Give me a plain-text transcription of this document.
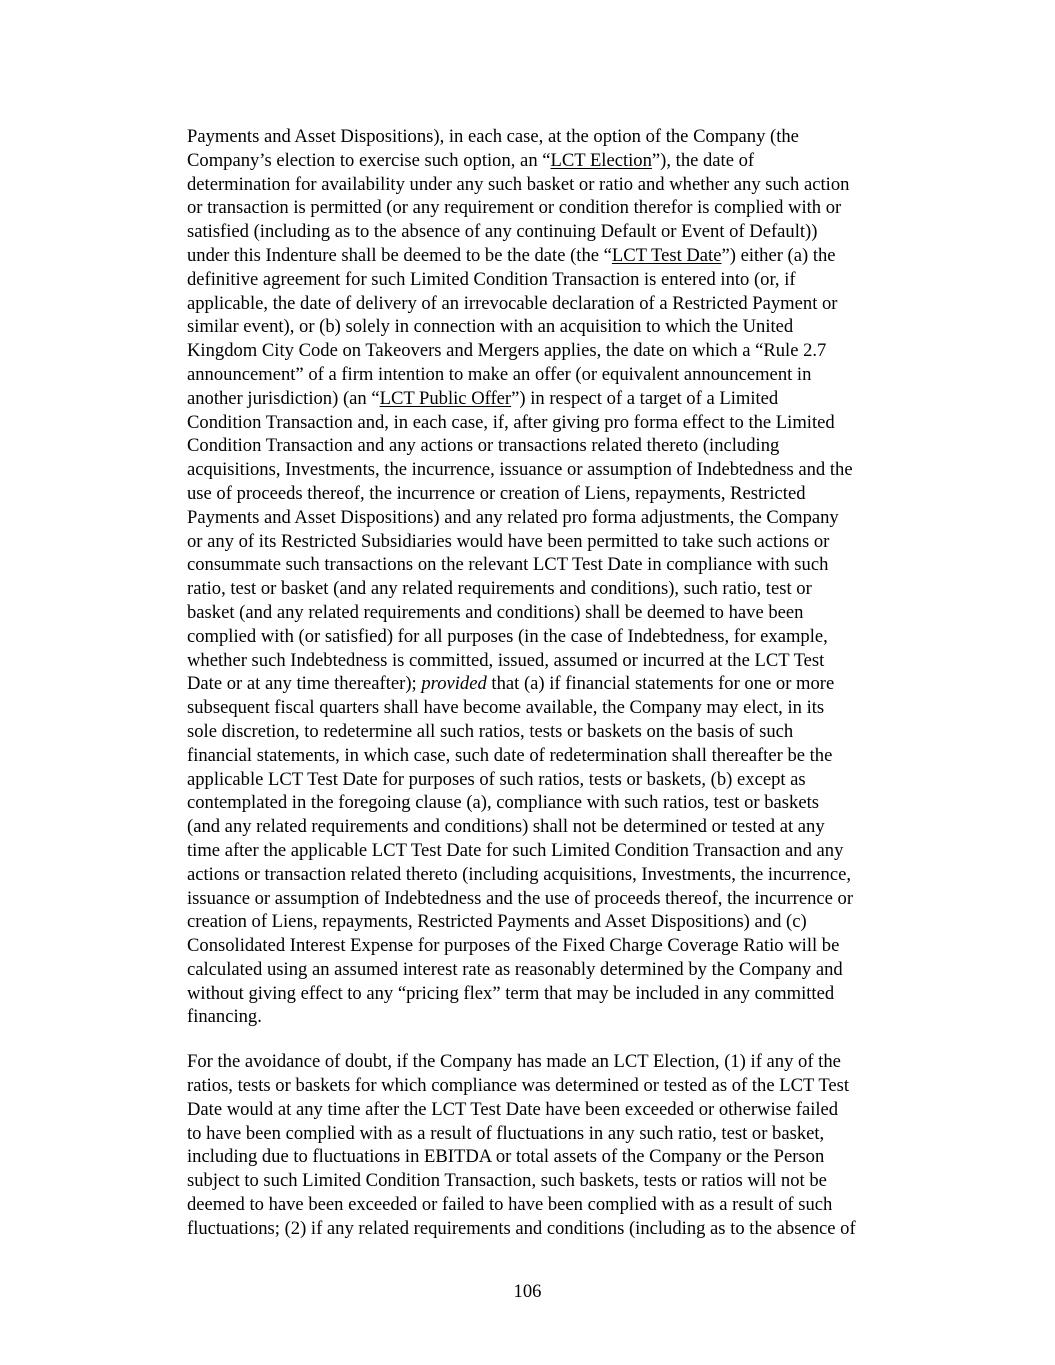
Payments and Asset Dispositions), in each case, at the option of the Company (the
Company’s election to exercise such option, an “LCT Election”), the date of
determination for availability under any such basket or ratio and whether any such action
or transaction is permitted (or any requirement or condition therefor is complied with or
satisfied (including as to the absence of any continuing Default or Event of Default))
under this Indenture shall be deemed to be the date (the “LCT Test Date”) either (a) the
definitive agreement for such Limited Condition Transaction is entered into (or, if
applicable, the date of delivery of an irrevocable declaration of a Restricted Payment or
similar event), or (b) solely in connection with an acquisition to which the United
Kingdom City Code on Takeovers and Mergers applies, the date on which a “Rule 2.7
announcement” of a firm intention to make an offer (or equivalent announcement in
another jurisdiction) (an “LCT Public Offer”) in respect of a target of a Limited
Condition Transaction and, in each case, if, after giving pro forma effect to the Limited
Condition Transaction and any actions or transactions related thereto (including
acquisitions, Investments, the incurrence, issuance or assumption of Indebtedness and the
use of proceeds thereof, the incurrence or creation of Liens, repayments, Restricted
Payments and Asset Dispositions) and any related pro forma adjustments, the Company
or any of its Restricted Subsidiaries would have been permitted to take such actions or
consummate such transactions on the relevant LCT Test Date in compliance with such
ratio, test or basket (and any related requirements and conditions), such ratio, test or
basket (and any related requirements and conditions) shall be deemed to have been
complied with (or satisfied) for all purposes (in the case of Indebtedness, for example,
whether such Indebtedness is committed, issued, assumed or incurred at the LCT Test
Date or at any time thereafter); provided that (a) if financial statements for one or more
subsequent fiscal quarters shall have become available, the Company may elect, in its
sole discretion, to redetermine all such ratios, tests or baskets on the basis of such
financial statements, in which case, such date of redetermination shall thereafter be the
applicable LCT Test Date for purposes of such ratios, tests or baskets, (b) except as
contemplated in the foregoing clause (a), compliance with such ratios, test or baskets
(and any related requirements and conditions) shall not be determined or tested at any
time after the applicable LCT Test Date for such Limited Condition Transaction and any
actions or transaction related thereto (including acquisitions, Investments, the incurrence,
issuance or assumption of Indebtedness and the use of proceeds thereof, the incurrence or
creation of Liens, repayments, Restricted Payments and Asset Dispositions) and (c)
Consolidated Interest Expense for purposes of the Fixed Charge Coverage Ratio will be
calculated using an assumed interest rate as reasonably determined by the Company and
without giving effect to any “pricing flex” term that may be included in any committed
financing.
For the avoidance of doubt, if the Company has made an LCT Election, (1) if any of the
ratios, tests or baskets for which compliance was determined or tested as of the LCT Test
Date would at any time after the LCT Test Date have been exceeded or otherwise failed
to have been complied with as a result of fluctuations in any such ratio, test or basket,
including due to fluctuations in EBITDA or total assets of the Company or the Person
subject to such Limited Condition Transaction, such baskets, tests or ratios will not be
deemed to have been exceeded or failed to have been complied with as a result of such
fluctuations; (2) if any related requirements and conditions (including as to the absence of
106
